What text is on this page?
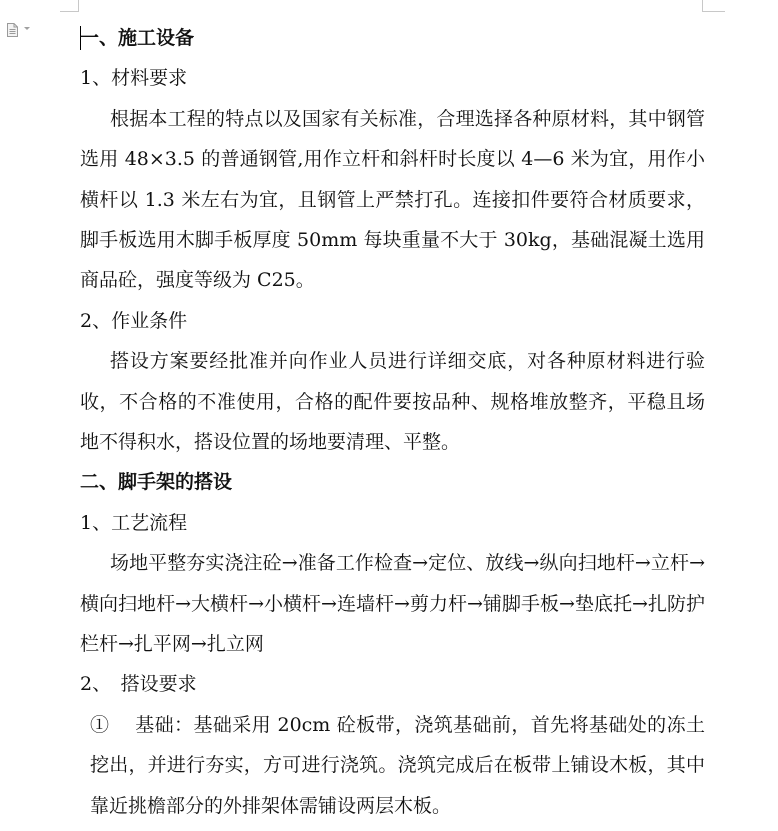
一、施工设备
1、材料要求
根据本工程的特点以及国家有关标准，合理选择各种原材料，其中钢管选用 48×3.5 的普通钢管,用作立杆和斜杆时长度以 4—6 米为宜，用作小横杆以 1.3 米左右为宜，且钢管上严禁打孔。连接扣件要符合材质要求，脚手板选用木脚手板厚度 50mm 每块重量不大于 30kg，基础混凝土选用商品砼，强度等级为 C25。
2、作业条件
搭设方案要经批准并向作业人员进行详细交底，对各种原材料进行验收，不合格的不准使用，合格的配件要按品种、规格堆放整齐，平稳且场地不得积水，搭设位置的场地要清理、平整。
二、脚手架的搭设
1、工艺流程
场地平整夯实浇注砼→准备工作检查→定位、放线→纵向扫地杆→立杆→横向扫地杆→大横杆→小横杆→连墙杆→剪力杆→铺脚手板→垫底托→扎防护栏杆→扎平网→扎立网
2、　搭设要求
①　 基础：基础采用 20cm 砼板带，浇筑基础前，首先将基础处的冻土挖出，并进行夯实，方可进行浇筑。浇筑完成后在板带上铺设木板，其中靠近挑檐部分的外排架体需铺设两层木板。
